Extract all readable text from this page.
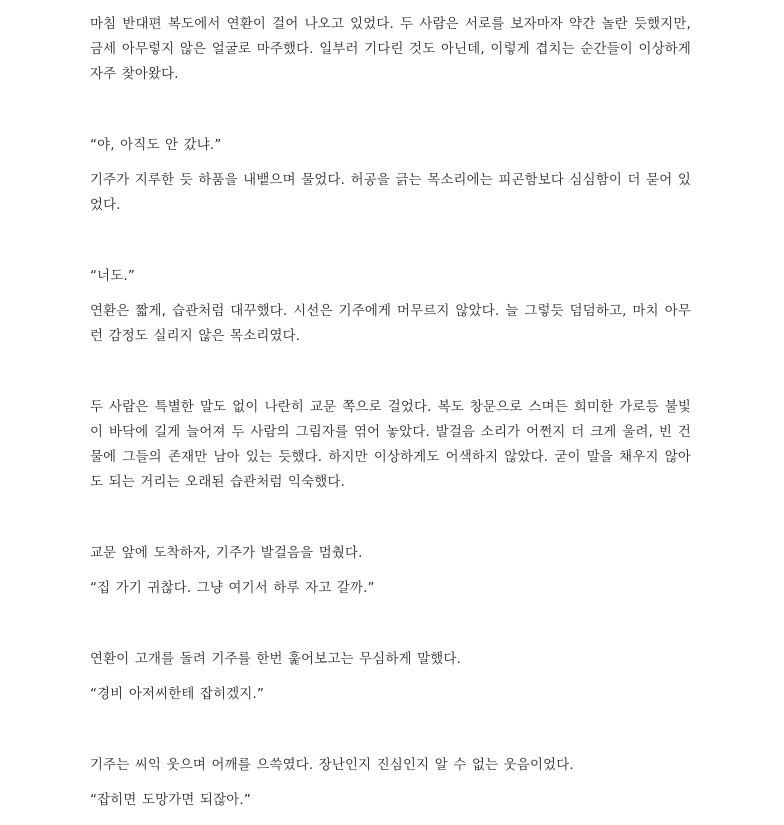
마침 반대편 복도에서 연환이 걸어 나오고 있었다. 두 사람은 서로를 보자마자 약간 놀란 듯했지만, 금세 아무렇지 않은 얼굴로 마주했다. 일부러 기다린 것도 아닌데, 이렇게 겹치는 순간들이 이상하게 자주 찾아왔다.

“야, 아직도 안 갔냐.”

기주가 지루한 듯 하품을 내뱉으며 물었다. 허공을 긁는 목소리에는 피곤함보다 심심함이 더 묻어 있었다.

“너도.”

연환은 짧게, 습관처럼 대꾸했다. 시선은 기주에게 머무르지 않았다. 늘 그렇듯 덤덤하고, 마치 아무런 감정도 실리지 않은 목소리였다.

두 사람은 특별한 말도 없이 나란히 교문 쪽으로 걸었다. 복도 창문으로 스며든 희미한 가로등 불빛이 바닥에 길게 늘어져 두 사람의 그림자를 엮어 놓았다. 발걸음 소리가 어쩐지 더 크게 울려, 빈 건물에 그들의 존재만 남아 있는 듯했다. 하지만 이상하게도 어색하지 않았다. 굳이 말을 채우지 않아도 되는 거리는 오래된 습관처럼 익숙했다.

교문 앞에 도착하자, 기주가 발걸음을 멈췄다.

“집 가기 귀찮다. 그냥 여기서 하루 자고 갈까.”

연환이 고개를 돌려 기주를 한번 훑어보고는 무심하게 말했다.

“경비 아저씨한테 잡히겠지.”

기주는 씨익 웃으며 어깨를 으쓱였다. 장난인지 진심인지 알 수 없는 웃음이었다.

“잡히면 도망가면 되잖아.”
